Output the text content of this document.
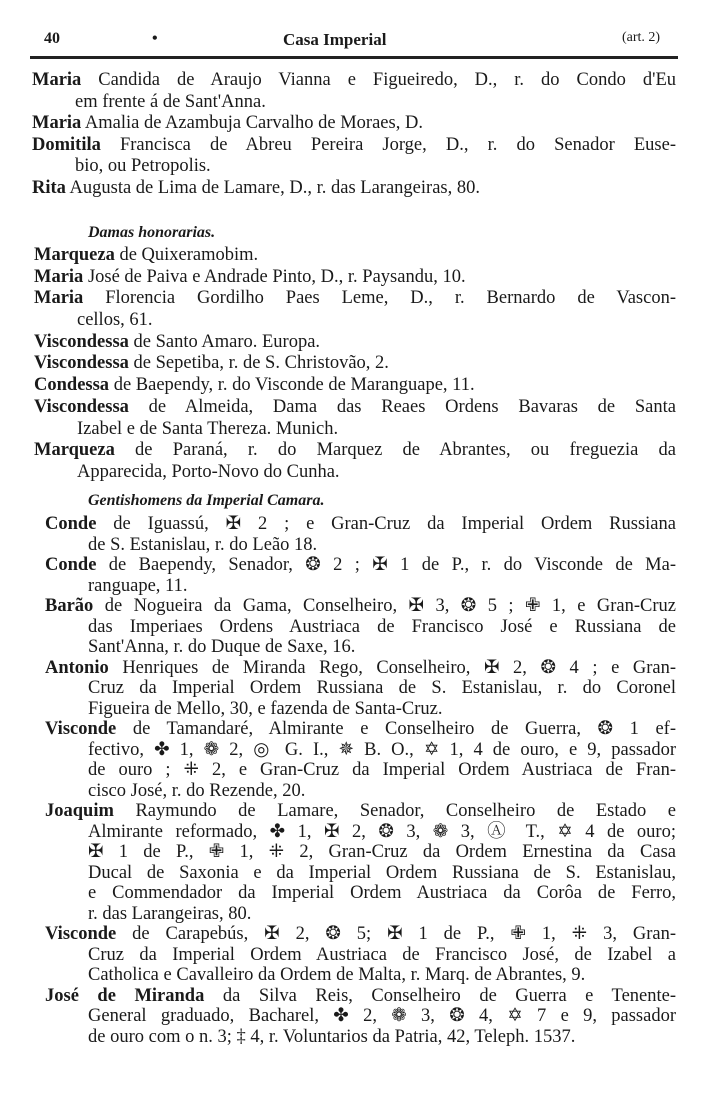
40	•	Casa Imperial	(art. 2)
Maria Candida de Araujo Vianna e Figueiredo, D., r. do Condo d'Eu
em frente á de Sant'Anna.
Maria Amalia de Azambuja Carvalho de Moraes, D.
Domitila Francisca de Abreu Pereira Jorge, D., r. do Senador Euse-
bio, ou Petropolis.
Rita Augusta de Lima de Lamare, D., r. das Larangeiras, 80.
Damas honorarias.
Marqueza de Quixeramobim.
Maria José de Paiva e Andrade Pinto, D., r. Paysandu, 10.
Maria Florencia Gordilho Paes Leme, D., r. Bernardo de Vascon-
cellos, 61.
Viscondessa de Santo Amaro. Europa.
Viscondessa de Sepetiba, r. de S. Christovão, 2.
Condessa de Baependy, r. do Visconde de Maranguape, 11.
Viscondessa de Almeida, Dama das Reaes Ordens Bavaras de Santa
Izabel e de Santa Thereza. Munich.
Marqueza de Paraná, r. do Marquez de Abrantes, ou freguezia da
Apparecida, Porto-Novo do Cunha.
Gentishomens da Imperial Camara.
Conde de Iguassú, ✠ 2 ; e Gran-Cruz da Imperial Ordem Russiana
de S. Estanislau, r. do Leão 18.
Conde de Baependy, Senador, ❂ 2 ; ✠ 1 de P., r. do Visconde de Ma-
ranguape, 11.
Barão de Nogueira da Gama, Conselheiro, ✠ 3, ❂ 5 ; ✙ 1, e Gran-Cruz
das Imperiaes Ordens Austriaca de Francisco José e Russiana de
Sant'Anna, r. do Duque de Saxe, 16.
Antonio Henriques de Miranda Rego, Conselheiro, ✠ 2, ❂ 4 ; e Gran-
Cruz da Imperial Ordem Russiana de S. Estanislau, r. do Coronel
Figueira de Mello, 30, e fazenda de Santa-Cruz.
Visconde de Tamandaré, Almirante e Conselheiro de Guerra, ❂ 1 ef-
fectivo, ✤ 1, ❁ 2, ◎ G. I., ✵ B. O., ✡ 1, 4 de ouro, e 9, passador
de ouro ; ⁜ 2, e Gran-Cruz da Imperial Ordem Austriaca de Fran-
cisco José, r. do Rezende, 20.
Joaquim Raymundo de Lamare, Senador, Conselheiro de Estado e
Almirante reformado, ✤ 1, ✠ 2, ❂ 3, ❁ 3, Ⓐ T., ✡ 4 de ouro;
✠ 1 de P., ✙ 1, ⁜ 2, Gran-Cruz da Ordem Ernestina da Casa
Ducal de Saxonia e da Imperial Ordem Russiana de S. Estanislau,
e Commendador da Imperial Ordem Austriaca da Corôa de Ferro,
r. das Larangeiras, 80.
Visconde de Carapebús, ✠ 2, ❂ 5; ✠ 1 de P., ✙ 1, ⁜ 3, Gran-
Cruz da Imperial Ordem Austriaca de Francisco José, de Izabel a
Catholica e Cavalleiro da Ordem de Malta, r. Marq. de Abrantes, 9.
José de Miranda da Silva Reis, Conselheiro de Guerra e Tenente-
General graduado, Bacharel, ✤ 2, ❁ 3, ❂ 4, ✡ 7 e 9, passador
de ouro com o n. 3; ‡ 4, r. Voluntarios da Patria, 42, Teleph. 1537.
